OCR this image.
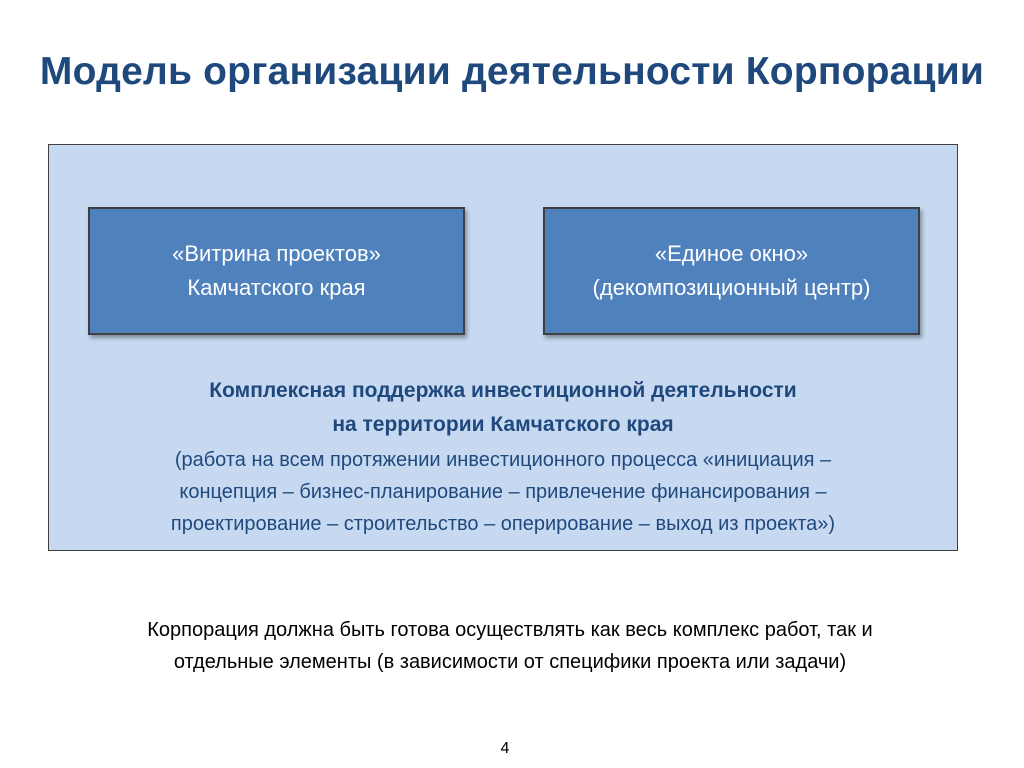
Модель организации деятельности Корпорации
«Витрина проектов»
Камчатского края
«Единое окно»
(декомпозиционный центр)
Комплексная поддержка инвестиционной деятельности
на территории Камчатского края
(работа на всем протяжении инвестиционного процесса «инициация –
концепция – бизнес-планирование – привлечение финансирования –
проектирование – строительство – оперирование – выход из проекта»)
Корпорация должна быть готова осуществлять как весь комплекс работ, так и
отдельные элементы (в зависимости от специфики проекта или задачи)
4
